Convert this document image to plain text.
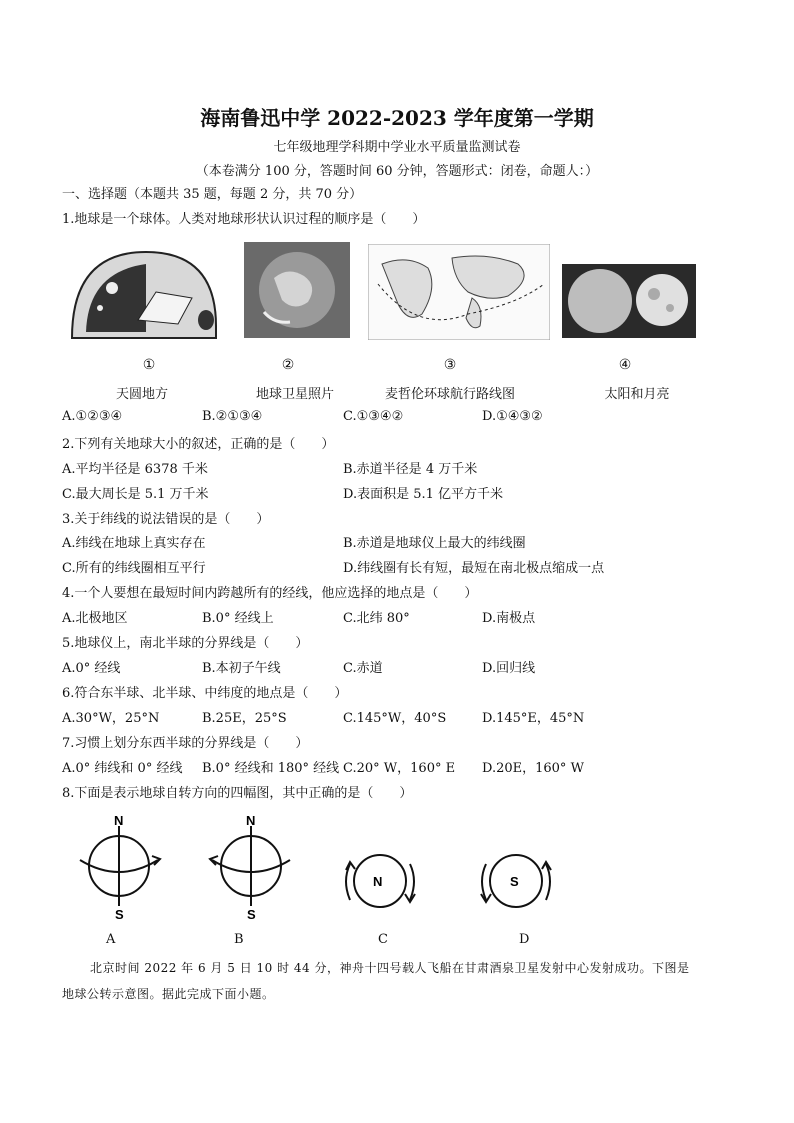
海南鲁迅中学 2022-2023 学年度第一学期
七年级地理学科期中学业水平质量监测试卷
（本卷满分 100 分，答题时间 60 分钟，答题形式：闭卷，命题人：）
一、选择题（本题共 35 题，每题 2 分，共 70 分）
1.地球是一个球体。人类对地球形状认识过程的顺序是（　　）
①	②	③	④
天圆地方	地球卫星照片	麦哲伦环球航行路线图	太阳和月亮
A.①②③④	B.②①③④	C.①③④②	D.①④③②
2.下列有关地球大小的叙述，正确的是（　　）
A.平均半径是 6378 千米	B.赤道半径是 4 万千米
C.最大周长是 5.1 万千米	D.表面积是 5.1 亿平方千米
3.关于纬线的说法错误的是（　　）
A.纬线在地球上真实存在	B.赤道是地球仪上最大的纬线圈
C.所有的纬线圈相互平行	D.纬线圈有长有短，最短在南北极点缩成一点
4.一个人要想在最短时间内跨越所有的经线，他应选择的地点是（　　）
A.北极地区	B.0° 经线上	C.北纬 80°	D.南极点
5.地球仪上，南北半球的分界线是（　　）
A.0° 经线	B.本初子午线	C.赤道	D.回归线
6.符合东半球、北半球、中纬度的地点是（　　）
A.30°W，25°N	B.25E，25°S	C.145°W，40°S	D.145°E，45°N
7.习惯上划分东西半球的分界线是（　　）
A.0° 纬线和 0° 经线 B.0° 经线和 180° 经线 C.20° W，160° E D.20E，160° W
8.下面是表示地球自转方向的四幅图，其中正确的是（　　）
N
S
N
S
N	S
A	B	C	D
北京时间 2022 年 6 月 5 日 10 时 44 分，神舟十四号载人飞船在甘肃酒泉卫星发射中心发射成功。下图是
地球公转示意图。据此完成下面小题。
